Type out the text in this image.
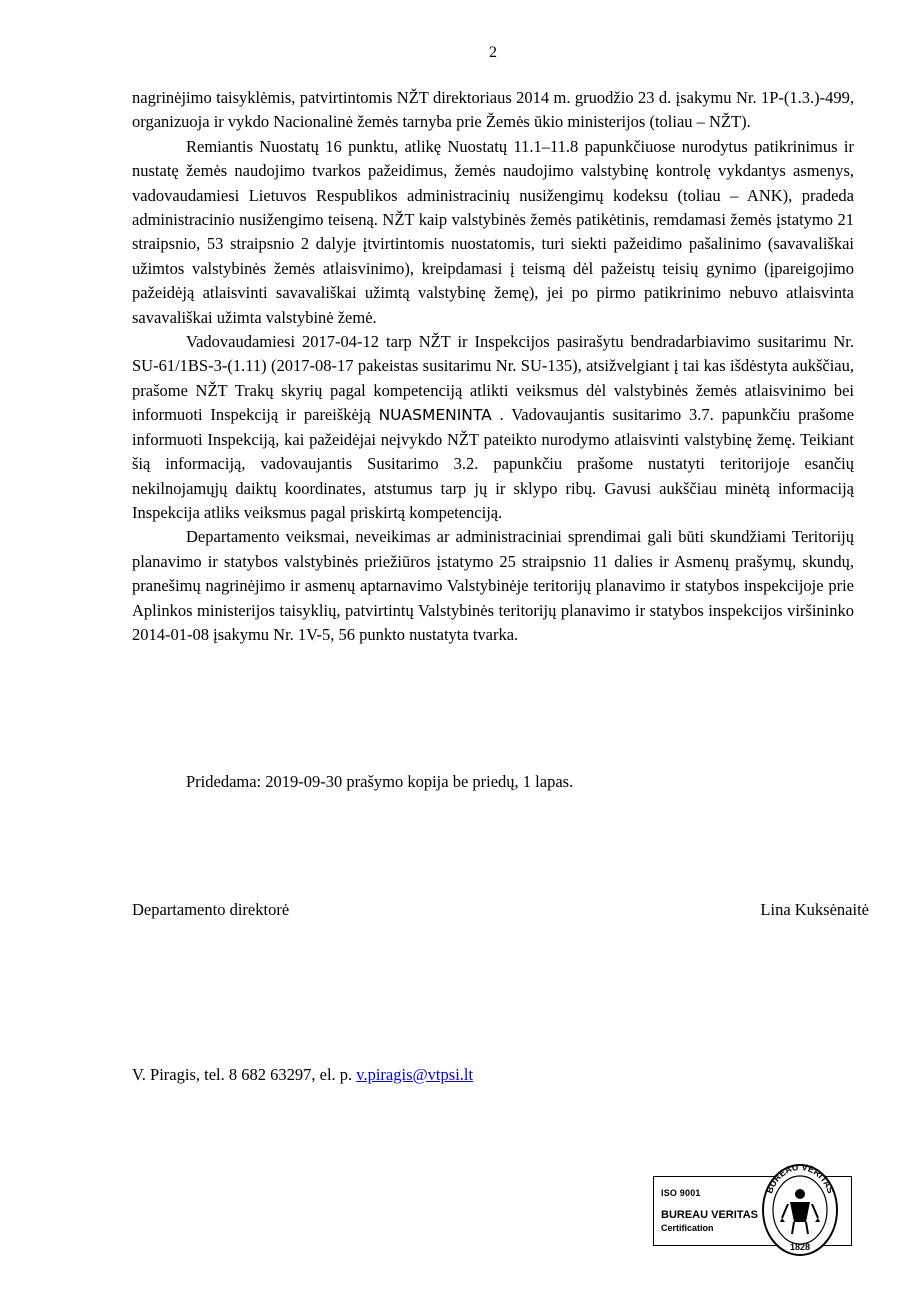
2

nagrinėjimo taisyklėmis, patvirtintomis NŽT direktoriaus 2014 m. gruodžio 23 d. įsakymu Nr. 1P-(1.3.)-499, organizuoja ir vykdo Nacionalinė žemės tarnyba prie Žemės ūkio ministerijos (toliau – NŽT).

Remiantis Nuostatų 16 punktu, atlikę Nuostatų 11.1–11.8 papunkčiuose nurodytus patikrinimus ir nustatę žemės naudojimo tvarkos pažeidimus, žemės naudojimo valstybinę kontrolę vykdantys asmenys, vadovaudamiesi Lietuvos Respublikos administracinių nusižengimų kodeksu (toliau – ANK), pradeda administracinio nusižengimo teiseną. NŽT kaip valstybinės žemės patikėtinis, remdamasi žemės įstatymo 21 straipsnio, 53 straipsnio 2 dalyje įtvirtintomis nuostatomis, turi siekti pažeidimo pašalinimo (savavališkai užimtos valstybinės žemės atlaisvinimo), kreipdamasi į teismą dėl pažeistų teisių gynimo (įpareigojimo pažeidėją atlaisvinti savavališkai užimtą valstybinę žemę), jei po pirmo patikrinimo nebuvo atlaisvinta savavališkai užimta valstybinė žemė.

Vadovaudamiesi 2017-04-12 tarp NŽT ir Inspekcijos pasirašytu bendradarbiavimo susitarimu Nr. SU-61/1BS-3-(1.11) (2017-08-17 pakeistas susitarimu Nr. SU-135), atsižvelgiant į tai kas išdėstyta aukščiau, prašome NŽT Trakų skyrių pagal kompetenciją atlikti veiksmus dėl valstybinės žemės atlaisvinimo bei informuoti Inspekciją ir pareiškėją NUASMENINTA . Vadovaujantis susitarimo 3.7. papunkčiu prašome informuoti Inspekciją, kai pažeidėjai neįvykdo NŽT pateikto nurodymo atlaisvinti valstybinę žemę. Teikiant šią informaciją, vadovaujantis Susitarimo 3.2. papunkčiu prašome nustatyti teritorijoje esančių nekilnojamųjų daiktų koordinates, atstumus tarp jų ir sklypo ribų. Gavusi aukščiau minėtą informaciją Inspekcija atliks veiksmus pagal priskirtą kompetenciją.

Departamento veiksmai, neveikimas ar administraciniai sprendimai gali būti skundžiami Teritorijų planavimo ir statybos valstybinės priežiūros įstatymo 25 straipsnio 11 dalies ir Asmenų prašymų, skundų, pranešimų nagrinėjimo ir asmenų aptarnavimo Valstybinėje teritorijų planavimo ir statybos inspekcijoje prie Aplinkos ministerijos taisyklių, patvirtintų Valstybinės teritorijų planavimo ir statybos inspekcijos viršininko 2014-01-08 įsakymu Nr. 1V-5, 56 punkto nustatyta tvarka.

Pridedama: 2019-09-30 prašymo kopija be priedų, 1 lapas.
Departamento direktorė	Lina Kuksėnaitė
V. Piragis, tel. 8 682 63297, el. p. v.piragis@vtpsi.lt
ISO 9001
BUREAU VERITAS
Certification
BUREAU VERITAS
1828
